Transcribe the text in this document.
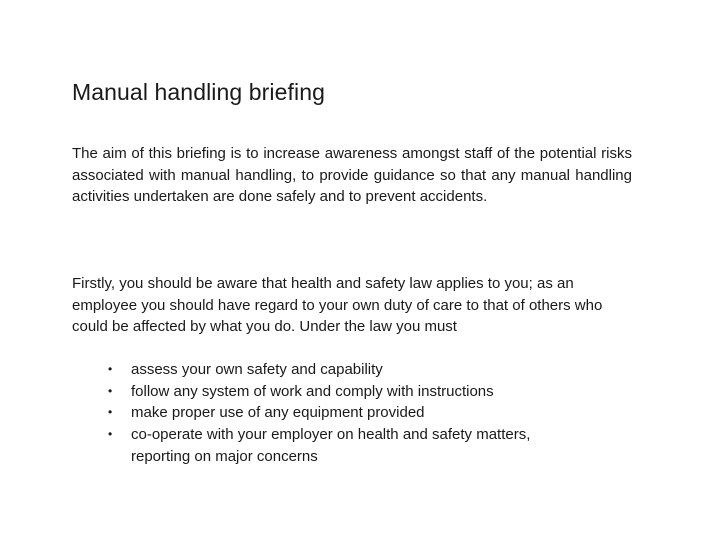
Manual handling briefing

The aim of this briefing is to increase awareness amongst staff of the potential risks associated with manual handling, to provide guidance so that any manual handling activities undertaken are done safely and to prevent accidents.

Firstly, you should be aware that health and safety law applies to you; as an employee you should have regard to your own duty of care to that of others who could be affected by what you do. Under the law you must

• assess your own safety and capability
• follow any system of work and comply with instructions
• make proper use of any equipment provided
• co-operate with your employer on health and safety matters, reporting on major concerns
